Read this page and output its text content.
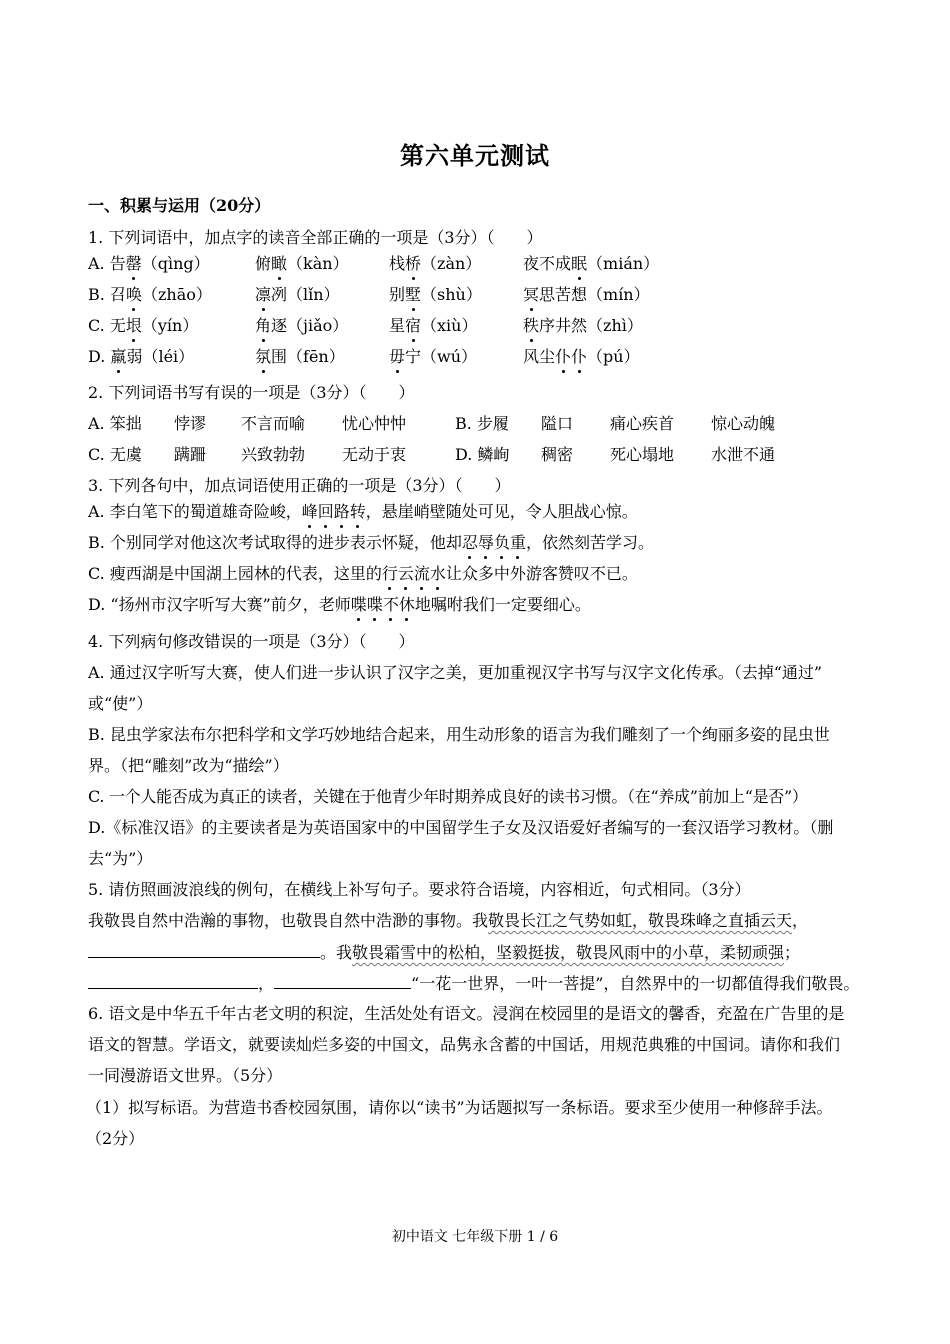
第六单元测试
一、积累与运用（20分）
1. 下列词语中，加点字的读音全部正确的一项是（3分）（　　）
A. 告罄（qìng）	俯瞰（kàn）	栈桥（zàn）	夜不成眠（mián）
B. 召唤（zhāo）	凛冽（lǐn）	别墅（shù）	冥思苦想（mín）
C. 无垠（yín）	角逐（jiǎo）	星宿（xiù）	秩序井然（zhì）
D. 羸弱（léi）	氛围（fēn）	毋宁（wú）	风尘仆仆（pú）
2. 下列词语书写有误的一项是（3分）（　　）
A. 笨拙 悖谬 不言而喻 忧心忡忡	B. 步履 隘口 痛心疾首 惊心动魄
C. 无虞 蹒跚 兴致勃勃 无动于衷	D. 鳞峋 稠密 死心塌地 水泄不通
3. 下列各句中，加点词语使用正确的一项是（3分）（　　）
A. 李白笔下的蜀道雄奇险峻，峰回路转，悬崖峭壁随处可见，令人胆战心惊。
B. 个别同学对他这次考试取得的进步表示怀疑，他却忍辱负重，依然刻苦学习。
C. 瘦西湖是中国湖上园林的代表，这里的行云流水让众多中外游客赞叹不已。
D. “扬州市汉字听写大赛”前夕，老师喋喋不休地嘱咐我们一定要细心。
4. 下列病句修改错误的一项是（3分）（　　）
A. 通过汉字听写大赛，使人们进一步认识了汉字之美，更加重视汉字书写与汉字文化传承。（去掉“通过”
或“使”）
B. 昆虫学家法布尔把科学和文学巧妙地结合起来，用生动形象的语言为我们雕刻了一个绚丽多姿的昆虫世
界。（把“雕刻”改为“描绘”）
C. 一个人能否成为真正的读者，关键在于他青少年时期养成良好的读书习惯。（在“养成”前加上“是否”）
D.《标准汉语》的主要读者是为英语国家中的中国留学生子女及汉语爱好者编写的一套汉语学习教材。（删
去“为”）
5. 请仿照画波浪线的例句，在横线上补写句子。要求符合语境，内容相近，句式相同。（3分）
我敬畏自然中浩瀚的事物，也敬畏自然中浩渺的事物。我敬畏长江之气势如虹，敬畏珠峰之直插云天，
。我敬畏霜雪中的松柏，坚毅挺拔，敬畏风雨中的小草，柔韧顽强；
，	“一花一世界，一叶一菩提”，自然界中的一切都值得我们敬畏。
6. 语文是中华五千年古老文明的积淀，生活处处有语文。浸润在校园里的是语文的馨香，充盈在广告里的是
语文的智慧。学语文，就要读灿烂多姿的中国文，品隽永含蓄的中国话，用规范典雅的中国词。请你和我们
一同漫游语文世界。（5分）
（1）拟写标语。为营造书香校园氛围，请你以“读书”为话题拟写一条标语。要求至少使用一种修辞手法。
（2分）
初中语文 七年级下册 1 / 6
